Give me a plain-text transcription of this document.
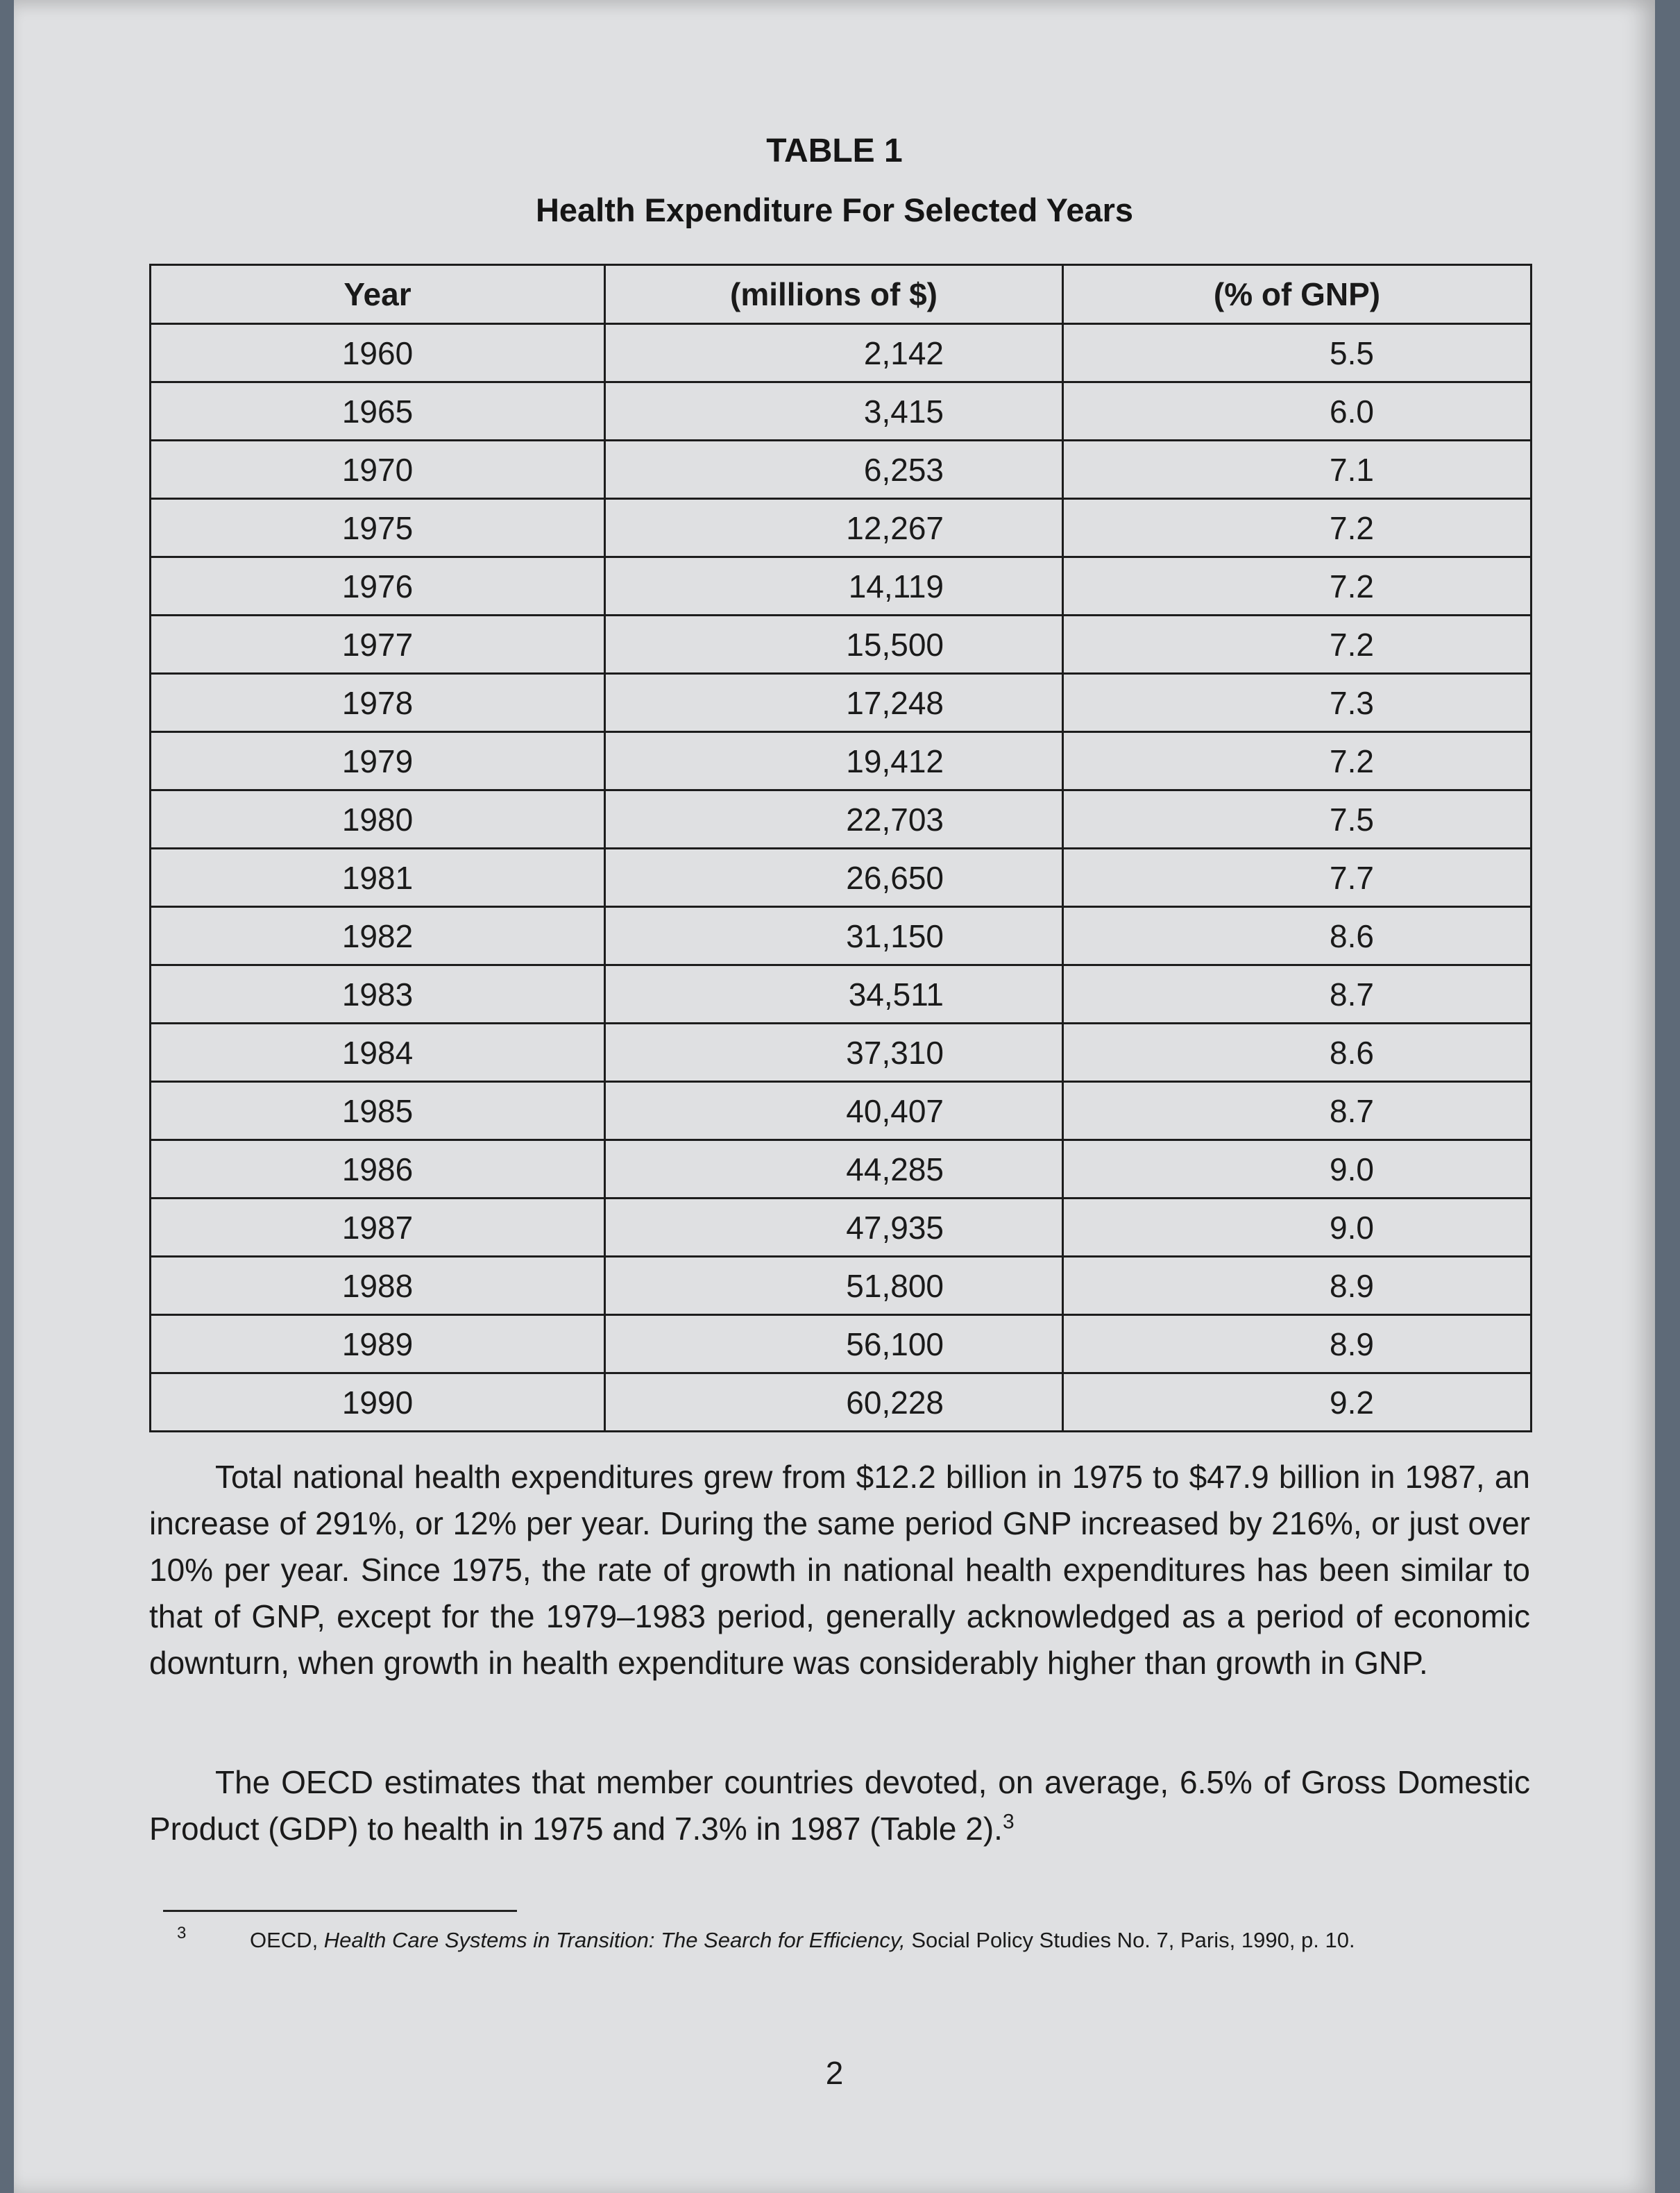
TABLE 1
Health Expenditure For Selected Years
Year	(millions of $)	(% of GNP)
1960	2,142	5.5
1965	3,415	6.0
1970	6,253	7.1
1975	12,267	7.2
1976	14,119	7.2
1977	15,500	7.2
1978	17,248	7.3
1979	19,412	7.2
1980	22,703	7.5
1981	26,650	7.7
1982	31,150	8.6
1983	34,511	8.7
1984	37,310	8.6
1985	40,407	8.7
1986	44,285	9.0
1987	47,935	9.0
1988	51,800	8.9
1989	56,100	8.9
1990	60,228	9.2

Total national health expenditures grew from $12.2 billion in 1975 to $47.9 billion in 1987, an increase of 291%, or 12% per year. During the same period GNP increased by 216%, or just over 10% per year. Since 1975, the rate of growth in national health expenditures has been similar to that of GNP, except for the 1979–1983 period, generally acknowledged as a period of economic downturn, when growth in health expenditure was considerably higher than growth in GNP.

The OECD estimates that member countries devoted, on average, 6.5% of Gross Domestic Product (GDP) to health in 1975 and 7.3% in 1987 (Table 2).$^3$

3	OECD, Health Care Systems in Transition: The Search for Efficiency, Social Policy Studies No. 7, Paris, 1990, p. 10.
2
